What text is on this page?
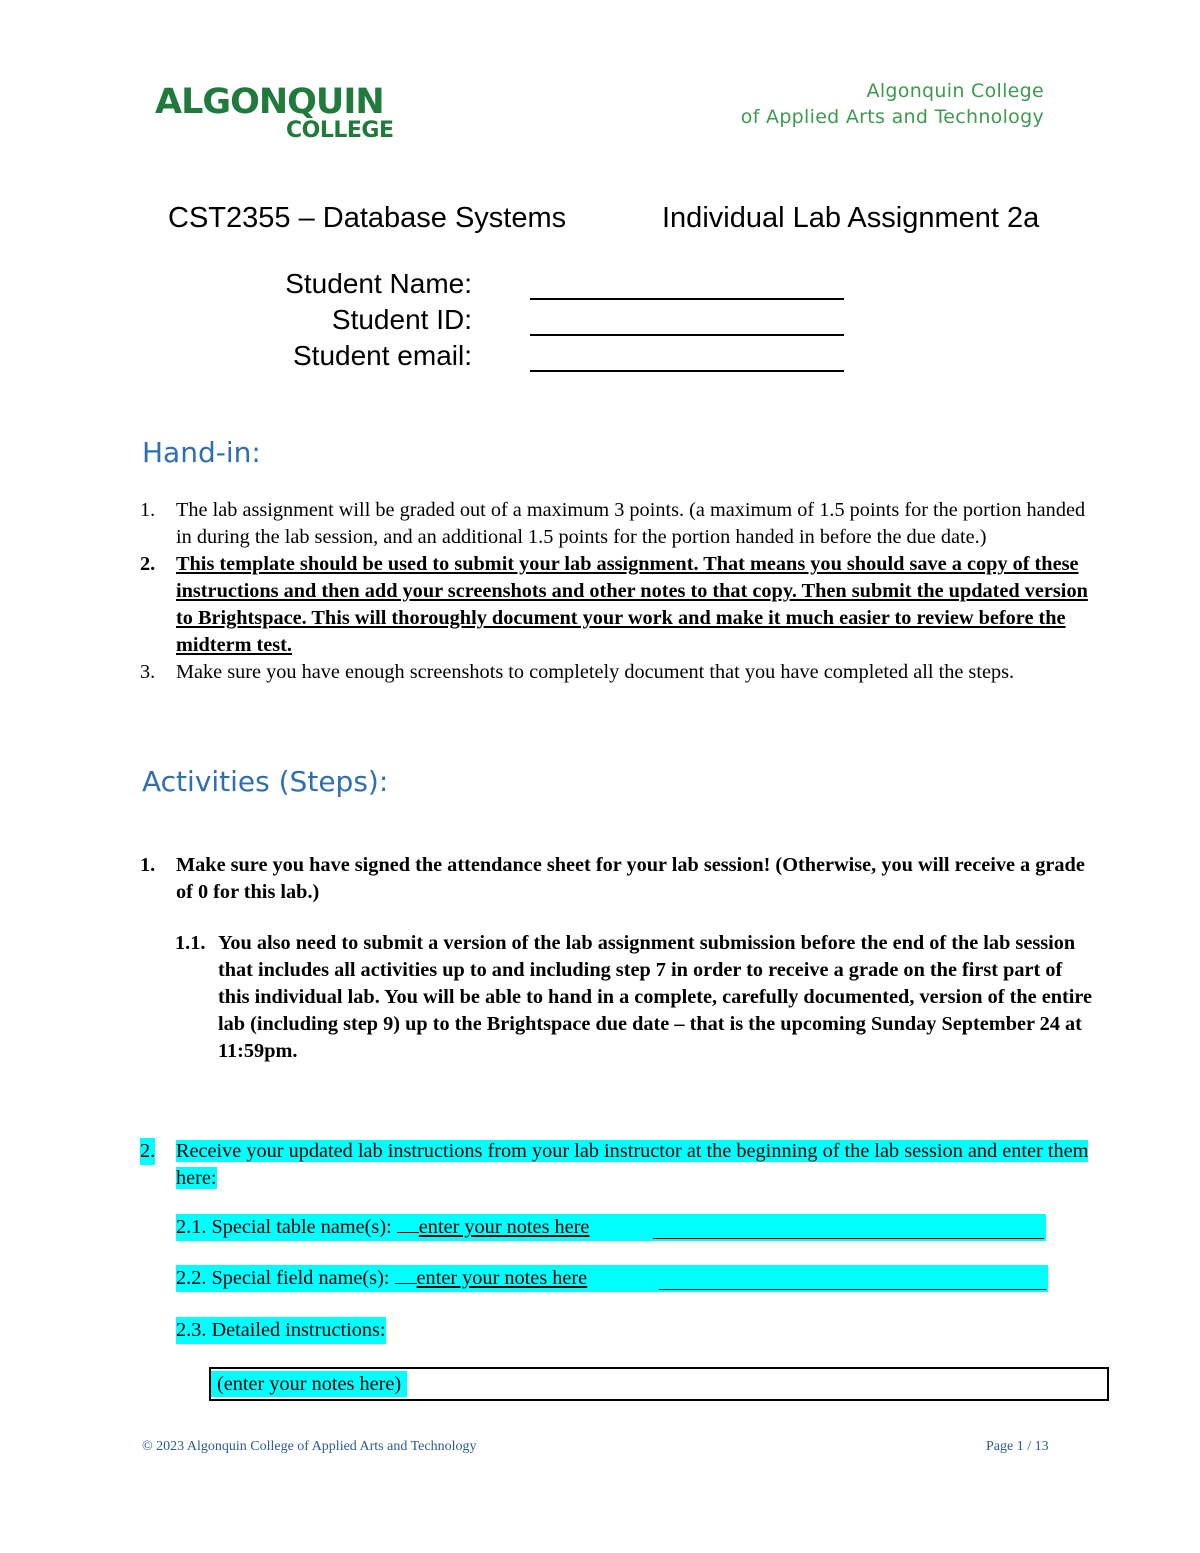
ALGONQUIN
COLLEGE
Algonquin College
of Applied Arts and Technology
CST2355 – Database Systems	Individual Lab Assignment 2a
Student Name:
Student ID:
Student email:
Hand-in:
1. The lab assignment will be graded out of a maximum 3 points. (a maximum of 1.5 points for the portion handed in during the lab session, and an additional 1.5 points for the portion handed in before the due date.)
2. This template should be used to submit your lab assignment. That means you should save a copy of these instructions and then add your screenshots and other notes to that copy. Then submit the updated version to Brightspace. This will thoroughly document your work and make it much easier to review before the midterm test.
3. Make sure you have enough screenshots to completely document that you have completed all the steps.
Activities (Steps):
1. Make sure you have signed the attendance sheet for your lab session! (Otherwise, you will receive a grade of 0 for this lab.)
1.1. You also need to submit a version of the lab assignment submission before the end of the lab session that includes all activities up to and including step 7 in order to receive a grade on the first part of this individual lab. You will be able to hand in a complete, carefully documented, version of the entire lab (including step 9) up to the Brightspace due date – that is the upcoming Sunday September 24 at 11:59pm.
2. Receive your updated lab instructions from your lab instructor at the beginning of the lab session and enter them here:
2.1. Special table name(s): enter your notes here
2.2. Special field name(s): enter your notes here
2.3. Detailed instructions:
(enter your notes here)
© 2023 Algonquin College of Applied Arts and Technology	Page 1 / 13
